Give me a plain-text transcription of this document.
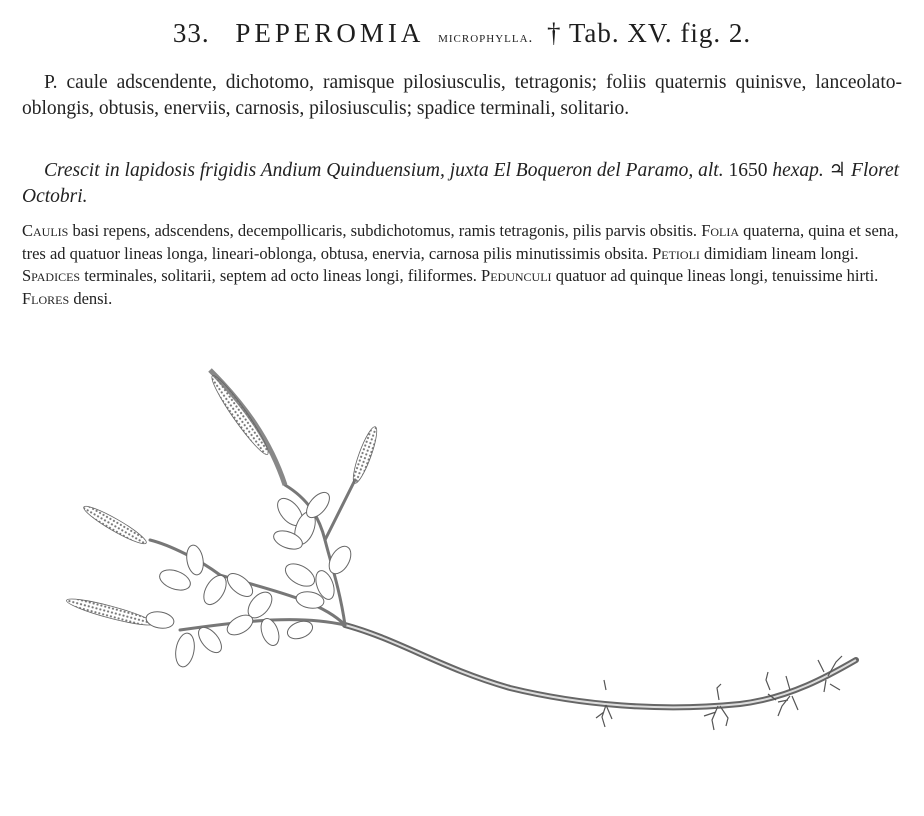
33. PEPEROMIA microphylla. † Tab. XV. fig. 2.

P. caule adscendente, dichotomo, ramisque pilosiusculis, tetragonis; foliis quaternis quinisve, lanceolato-oblongis, obtusis, enerviis, carnosis, pilosiusculis; spadice terminali, solitario.

Crescit in lapidosis frigidis Andium Quinduensium, juxta El Boqueron del Paramo, alt. 1650 hexap. ♃ Floret Octobri.

Caulis basi repens, adscendens, decempollicaris, subdichotomus, ramis tetragonis, pilis parvis obsitis. Folia quaterna, quina et sena, tres ad quatuor lineas longa, lineari-oblonga, obtusa, enervia, carnosa pilis minutissimis obsita. Petioli dimidiam lineam longi. Spadices terminales, solitarii, septem ad octo lineas longi, filiformes. Pedunculi quatuor ad quinque lineas longi, tenuissime hirti. Flores densi.
